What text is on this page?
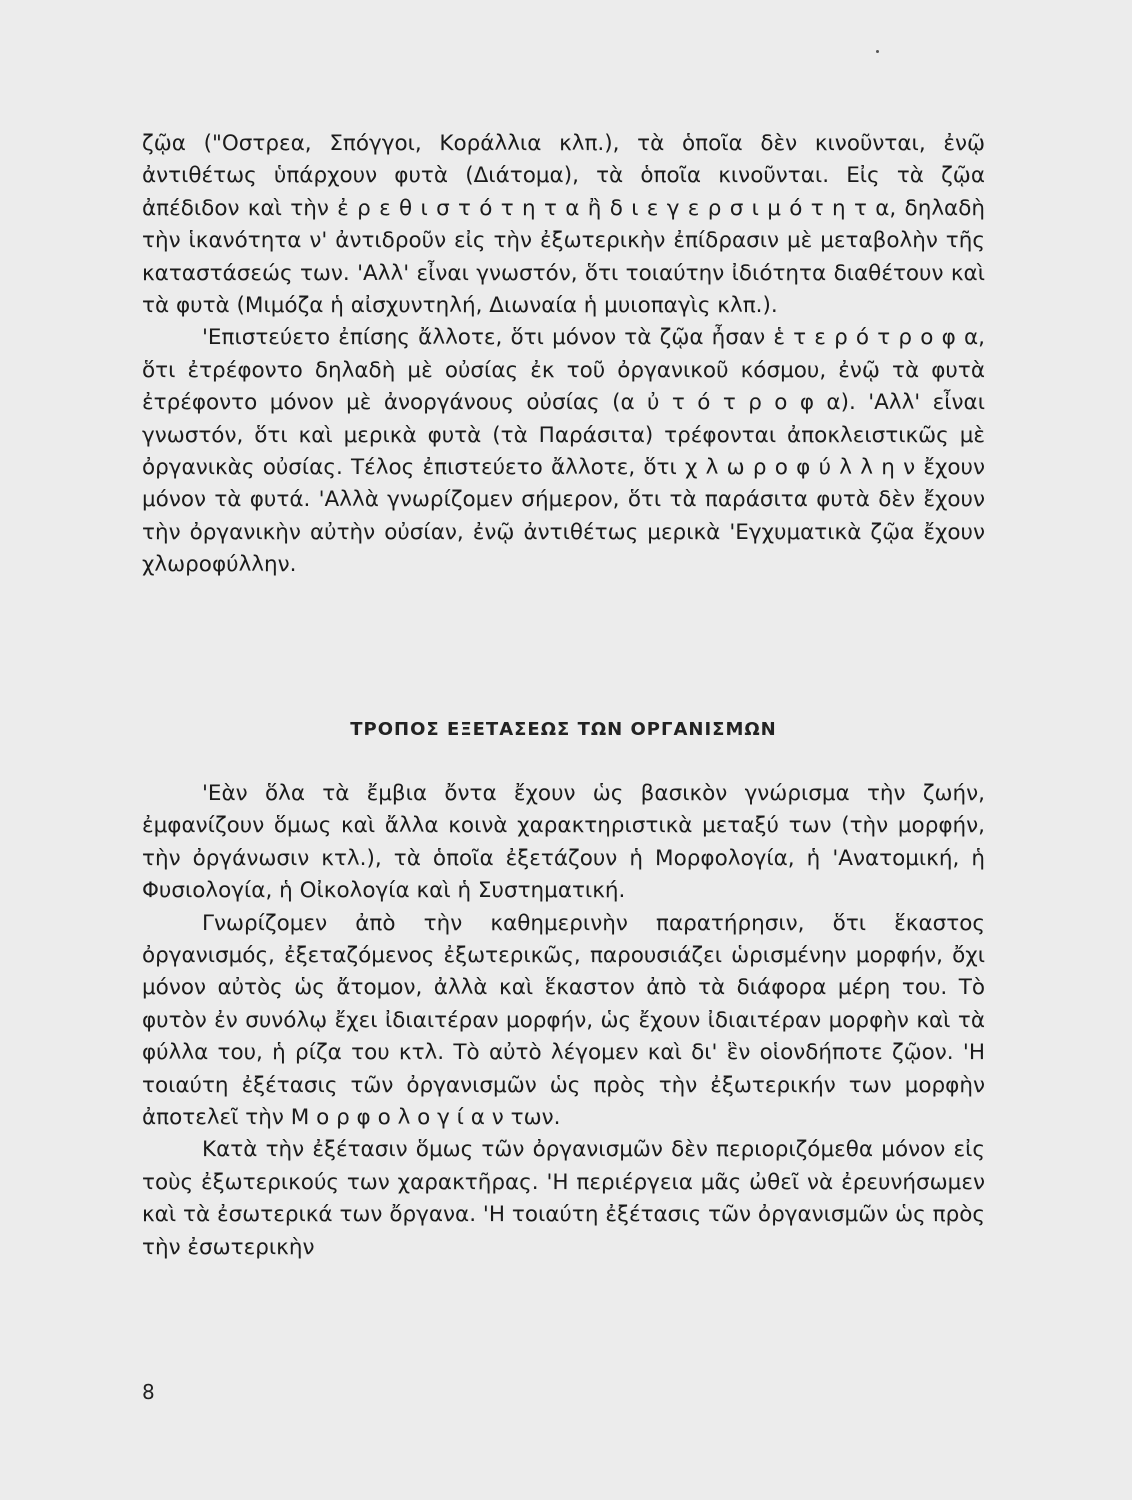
ζῷα ("Οστρεα, Σπόγγοι, Κοράλλια κλπ.), τὰ ὁποῖα δὲν κινοῦνται, ἐνῷ ἀντιθέτως ὑπάρχουν φυτὰ (Διάτομα), τὰ ὁποῖα κινοῦνται. Εἰς τὰ ζῷα ἀπέδιδον καὶ τὴν ἐ ρ ε θ ι σ τ ό τ η τ α ἢ δ ι ε γ ε ρ σ ι μ ό τ η τ α, δηλαδὴ τὴν ἱκανότητα ν' ἀντιδροῦν εἰς τὴν ἐξωτερικὴν ἐπίδρασιν μὲ μεταβολὴν τῆς καταστάσεώς των. 'Αλλ' εἶναι γνωστόν, ὅτι τοιαύτην ἰδιότητα διαθέτουν καὶ τὰ φυτὰ (Μιμόζα ἡ αἰσχυντηλή, Διωναία ἡ μυιοπαγὶς κλπ.).

'Επιστεύετο ἐπίσης ἄλλοτε, ὅτι μόνον τὰ ζῷα ἦσαν ἑ τ ε ρ ό τ ρ ο φ α, ὅτι ἐτρέφοντο δηλαδὴ μὲ οὐσίας ἐκ τοῦ ὀργανικοῦ κόσμου, ἐνῷ τὰ φυτὰ ἐτρέφοντο μόνον μὲ ἀνοργάνους οὐσίας (α ὐ τ ό τ ρ ο φ α). 'Αλλ' εἶναι γνωστόν, ὅτι καὶ μερικὰ φυτὰ (τὰ Παράσιτα) τρέφονται ἀποκλειστικῶς μὲ ὀργανικὰς οὐσίας. Τέλος ἐπιστεύετο ἄλλοτε, ὅτι χ λ ω ρ ο φ ύ λ λ η ν ἔχουν μόνον τὰ φυτά. 'Αλλὰ γνωρίζομεν σήμερον, ὅτι τὰ παράσιτα φυτὰ δὲν ἔχουν τὴν ὀργανικὴν αὐτὴν οὐσίαν, ἐνῷ ἀντιθέτως μερικὰ 'Εγχυματικὰ ζῷα ἔχουν χλωροφύλλην.

ΤΡΟΠΟΣ ΕΞΕΤΑΣΕΩΣ ΤΩΝ ΟΡΓΑΝΙΣΜΩΝ

'Εὰν ὅλα τὰ ἔμβια ὄντα ἔχουν ὡς βασικὸν γνώρισμα τὴν ζωήν, ἐμφανίζουν ὅμως καὶ ἄλλα κοινὰ χαρακτηριστικὰ μεταξύ των (τὴν μορφήν, τὴν ὀργάνωσιν κτλ.), τὰ ὁποῖα ἐξετάζουν ἡ Μορφολογία, ἡ 'Ανατομική, ἡ Φυσιολογία, ἡ Οἰκολογία καὶ ἡ Συστηματική.

Γνωρίζομεν ἀπὸ τὴν καθημερινὴν παρατήρησιν, ὅτι ἕκαστος ὀργανισμός, ἐξεταζόμενος ἐξωτερικῶς, παρουσιάζει ὡρισμένην μορφήν, ὄχι μόνον αὐτὸς ὡς ἄτομον, ἀλλὰ καὶ ἕκαστον ἀπὸ τὰ διάφορα μέρη του. Τὸ φυτὸν ἐν συνόλῳ ἔχει ἰδιαιτέραν μορφήν, ὡς ἔχουν ἰδιαιτέραν μορφὴν καὶ τὰ φύλλα του, ἡ ρίζα του κτλ. Τὸ αὐτὸ λέγομεν καὶ δι' ἓν οἱονδήποτε ζῷον. 'Η τοιαύτη ἐξέτασις τῶν ὀργανισμῶν ὡς πρὸς τὴν ἐξωτερικήν των μορφὴν ἀποτελεῖ τὴν Μ ο ρ φ ο λ ο γ ί α ν των.

Κατὰ τὴν ἐξέτασιν ὅμως τῶν ὀργανισμῶν δὲν περιοριζόμεθα μόνον εἰς τοὺς ἐξωτερικούς των χαρακτῆρας. 'Η περιέργεια μᾶς ὠθεῖ νὰ ἐρευνήσωμεν καὶ τὰ ἐσωτερικά των ὄργανα. 'Η τοιαύτη ἐξέτασις τῶν ὀργανισμῶν ὡς πρὸς τὴν ἐσωτερικὴν

8
